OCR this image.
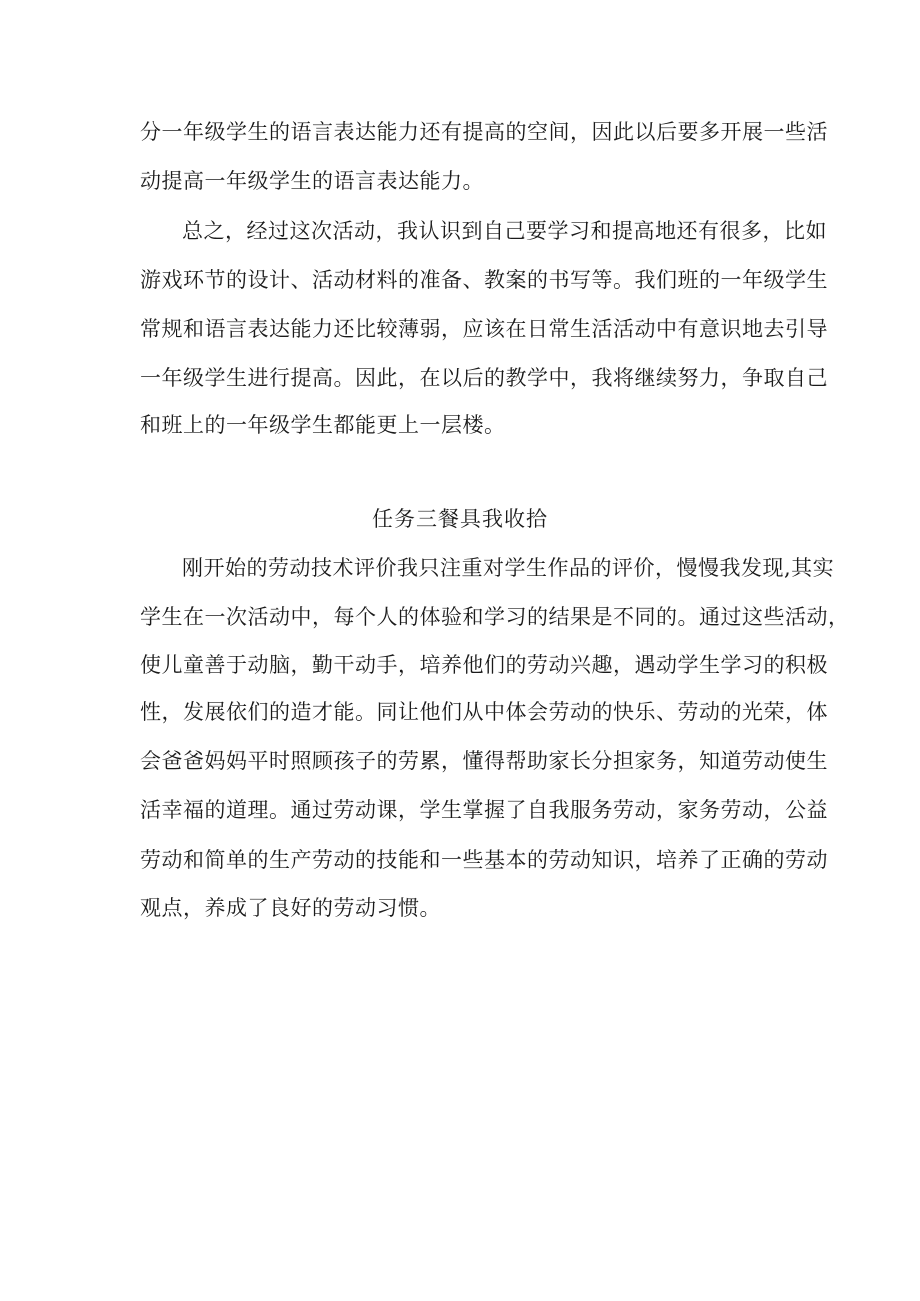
分一年级学生的语言表达能力还有提高的空间，因此以后要多开展一些活
动提高一年级学生的语言表达能力。
总之，经过这次活动，我认识到自己要学习和提高地还有很多，比如
游戏环节的设计、活动材料的准备、教案的书写等。我们班的一年级学生
常规和语言表达能力还比较薄弱，应该在日常生活活动中有意识地去引导
一年级学生进行提高。因此，在以后的教学中，我将继续努力，争取自己
和班上的一年级学生都能更上一层楼。
任务三餐具我收拾
刚开始的劳动技术评价我只注重对学生作品的评价，慢慢我发现,其实
学生在一次活动中，每个人的体验和学习的结果是不同的。通过这些活动，
使儿童善于动脑，勤干动手，培养他们的劳动兴趣，遇动学生学习的积极
性，发展依们的造才能。同让他们从中体会劳动的快乐、劳动的光荣，体
会爸爸妈妈平时照顾孩子的劳累，懂得帮助家长分担家务，知道劳动使生
活幸福的道理。通过劳动课，学生掌握了自我服务劳动，家务劳动，公益
劳动和简单的生产劳动的技能和一些基本的劳动知识，培养了正确的劳动
观点，养成了良好的劳动习惯。
